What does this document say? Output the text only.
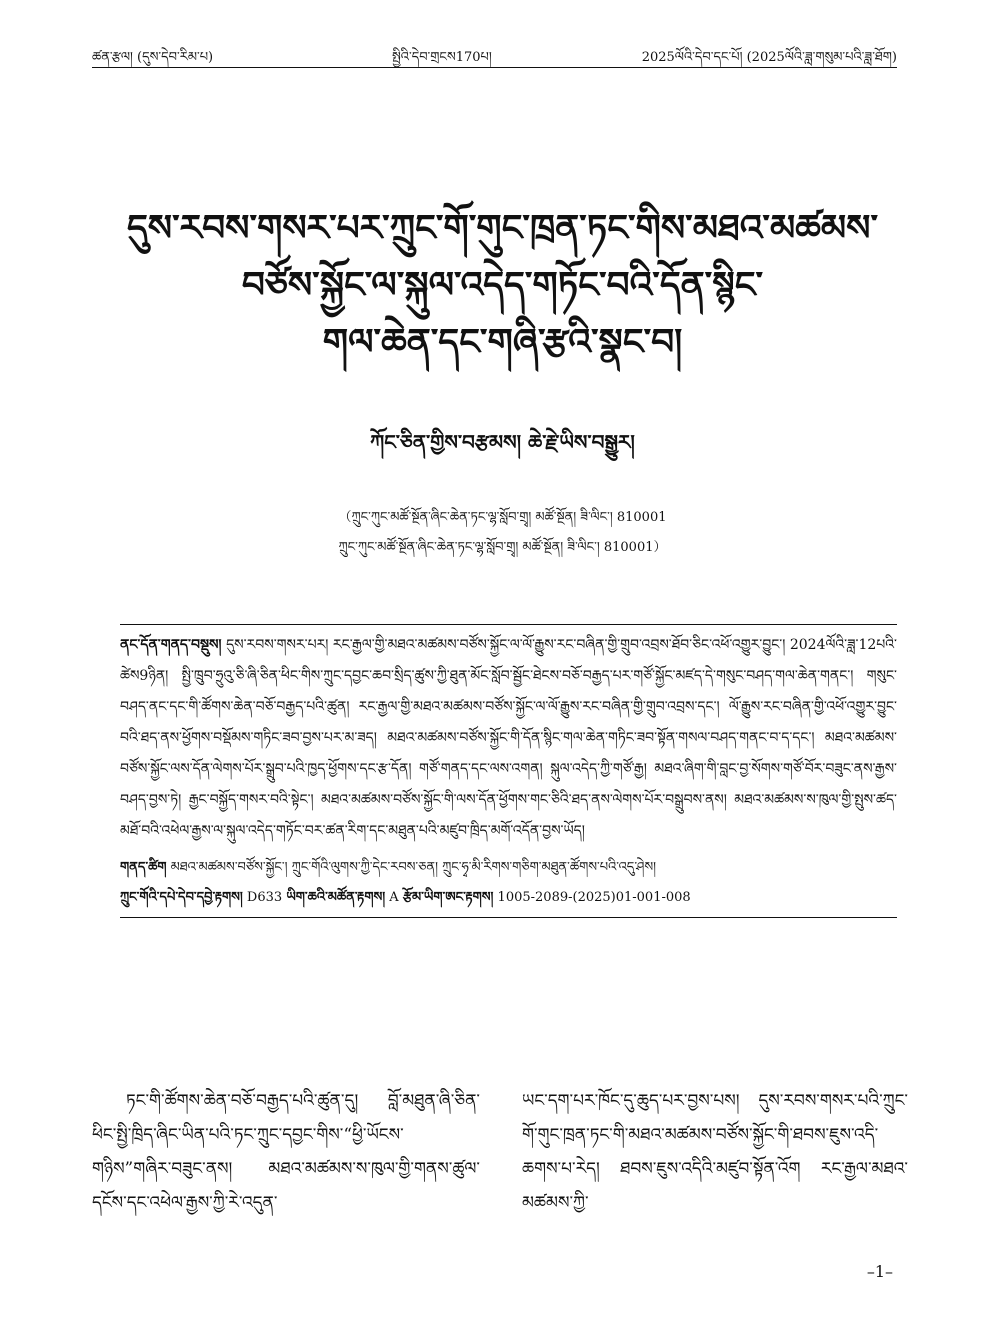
ཚན་རྩལ། (དུས་དེབ་རིམ་པ)	སྤྱིའི་དེབ་གྲངས170པ།	2025ལོའི་དེབ་དང་པོ། (2025ལོའི་ཟླ་གསུམ་པའི་ཟླ་ཐོག)
དུས་རབས་གསར་པར་ཀྲུང་གོ་གུང་ཁྲན་ཏང་གིས་མཐའ་མཚམས་
བཙོས་སྐྱོང་ལ་སྐུལ་འདེད་གཏོང་བའི་དོན་སྙིང་
གལ་ཆེན་དང་གཞི་རྩའི་སྣང་བ།
ཀོང་ཅིན་གྱིས་བརྩམས། ཆེ་རྗེ་ཡིས་བསྒྱུར།
（ཀྲུང་ཀུང་མཚོ་སྔོན་ཞིང་ཆེན་ཏང་ལྷ་སློབ་གྲྭ། མཚོ་སྔོན། ཟི་ལིང་། 810001
ཀྲུང་ཀུང་མཚོ་སྔོན་ཞིང་ཆེན་ཏང་ལྷ་སློབ་གྲྭ། མཚོ་སྔོན། ཟི་ལིང་། 810001）

ནང་དོན་གནད་བསྡུས། དུས་རབས་གསར་པར། རང་རྒྱལ་གྱི་མཐའ་མཚམས་བཙོས་སྐྱོང་ལ་ལོ་རྒྱུས་རང་བཞིན་གྱི་གྲུབ་འབྲས་ཐོབ་ཅིང་འཕོ་འགྱུར་བྱུང་། 2024ལོའི་ཟླ་12པའི་ཚེས9ཉིན། སྤྱི་ཁྲུབ་ཧྲུའུ་ཅི་ཞི་ཅིན་ཕིང་གིས་ཀྲུང་དབྱང་ཆབ་སྲིད་ཚུས་ཀྱི་ཐུན་མོང་སློབ་སྦྱོང་ཐེངས་བཅོ་བརྒྱད་པར་གཙོ་སྐྱོང་མཛད་དེ་གསུང་བཤད་གལ་ཆེན་གནང་། གསུང་བཤད་ནང་དང་གི་ཚོགས་ཆེན་བཅོ་བརྒྱད་པའི་ཚུན། རང་རྒྱལ་གྱི་མཐའ་མཚམས་བཙོས་སྐྱོང་ལ་ལོ་རྒྱུས་རང་བཞིན་གྱི་གྲུབ་འབྲས་དང་། ལོ་རྒྱུས་རང་བཞིན་གྱི་འཕོ་འགྱུར་བྱུང་བའི་ཐད་ནས་ཕྱོགས་བསྡོམས་གཏིང་ཟབ་བྱས་པར་མ་ཟད། མཐའ་མཚམས་བཙོས་སྐྱོང་གི་དོན་སྙིང་གལ་ཆེན་གཏིང་ཟབ་སྟོན་གསལ་བཤད་གནང་བ་ད་དང་། མཐའ་མཚམས་བཙོས་སྐྱོང་ལས་དོན་ལེགས་པོར་སྒྲུབ་པའི་ཁྱད་ཕྱོགས་དང་རྩ་དོན། གཙོ་གནད་དང་ལས་འགན། སྐུལ་འདེད་ཀྱི་གཙོ་རྒྱ། མཐའ་ཞིག་གི་བླང་བྱ་སོགས་གཙོ་བོར་བཟུང་ནས་རྒྱས་བཤད་བྱས་ཏེ། རྒྱང་བསྐྱོད་གསར་བའི་སྟེང་། མཐའ་མཚམས་བཙོས་སྐྱོང་གི་ལས་དོན་ཕྱོགས་གང་ཅིའི་ཐད་ནས་ལེགས་པོར་བསྒྲུབས་ནས། མཐའ་མཚམས་ས་ཁུལ་གྱི་སྤུས་ཚད་མཐོ་བའི་འཕེལ་རྒྱས་ལ་སྐུལ་འདེད་གཏོང་བར་ཚན་རིག་དང་མཐུན་པའི་མཛུབ་ཁྲིད་མགོ་འདོན་བྱས་ཡོད།

གནད་ཚིག མཐའ་མཚམས་བཙོས་སྐྱོང་། ཀྲུང་གོའི་ལུགས་ཀྱི་དེང་རབས་ཅན། ཀྲུང་ཧྭ་མི་རིགས་གཅིག་མཐུན་ཚོགས་པའི་འདུ་ཤེས།

ཀྲུང་གོའི་དཔེ་དེབ་དབྱེ་རྟགས། D633 ཡིག་ཆའི་མཚོན་རྟགས། A རྩོམ་ཡིག་ཨང་རྟགས། 1005-2089-(2025)01-001-008

ཏང་གི་ཚོགས་ཆེན་བཅོ་བརྒྱད་པའི་ཚུན་དུ། བློ་མཐུན་ཞི་ཅིན་ཕིང་སྤྱི་ཁྲིད་ཞིང་ཡིན་པའི་ཏང་ཀྲུང་དབྱང་གིས་“ཕྱི་ཡོངས་གཉིས”གཞིར་བཟུང་ནས། མཐའ་མཚམས་ས་ཁུལ་གྱི་གནས་ཚུལ་དངོས་དང་འཕེལ་རྒྱས་ཀྱི་རེ་འདུན་

ཡང་དག་པར་ཁོང་དུ་ཆུད་པར་བྱས་པས། དུས་རབས་གསར་པའི་ཀྲུང་གོ་གུང་ཁྲན་ཏང་གི་མཐའ་མཚམས་བཙོས་སྐྱོང་གི་ཐབས་ཇུས་འདི་ཆགས་པ་རེད། ཐབས་ཇུས་འདིའི་མཛུབ་སྟོན་འོག རང་རྒྱལ་མཐའ་མཚམས་ཀྱི་

–1–
